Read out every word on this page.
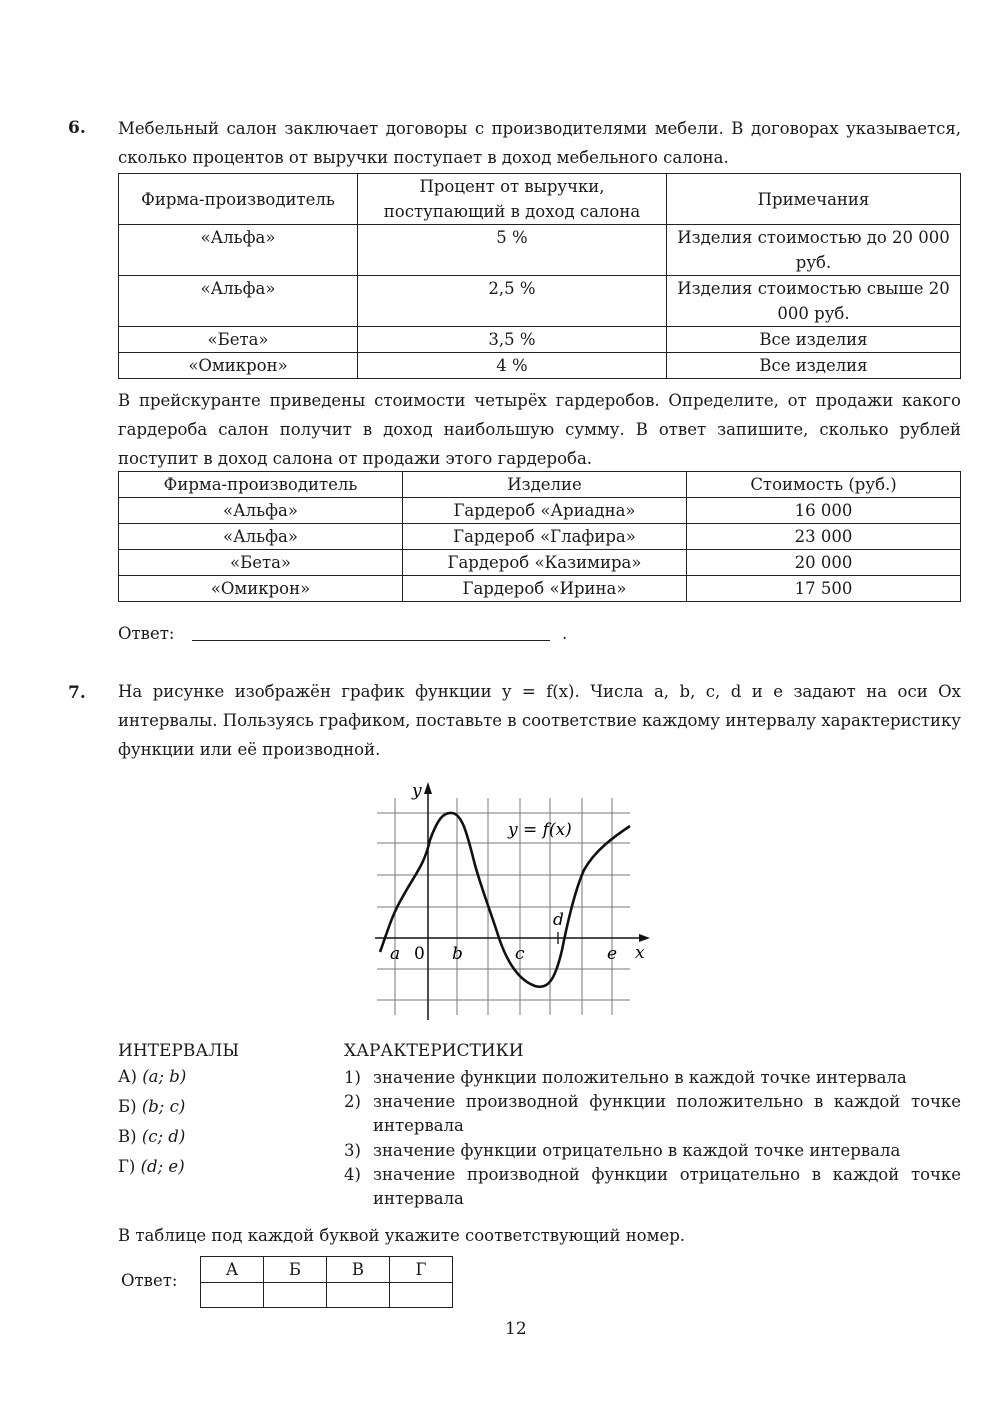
6. Мебельный салон заключает договоры с производителями мебели. В договорах указывается, сколько процентов от выручки поступает в доход мебельного салона.
Фирма-производитель	Процент от выручки, поступающий в доход салона	Примечания
«Альфа»	5 %	Изделия стоимостью до 20 000 руб.
«Альфа»	2,5 %	Изделия стоимостью свыше 20 000 руб.
«Бета»	3,5 %	Все изделия
«Омикрон»	4 %	Все изделия
В прейскуранте приведены стоимости четырёх гардеробов. Определите, от продажи какого гардероба салон получит в доход наибольшую сумму. В ответ запишите, сколько рублей поступит в доход салона от продажи этого гардероба.
Фирма-производитель	Изделие	Стоимость (руб.)
«Альфа»	Гардероб «Ариадна»	16 000
«Альфа»	Гардероб «Глафира»	23 000
«Бета»	Гардероб «Казимира»	20 000
«Омикрон»	Гардероб «Ирина»	17 500
Ответ:	.
7. На рисунке изображён график функции y = f(x). Числа a, b, c, d и e задают на оси Ox интервалы. Пользуясь графиком, поставьте в соответствие каждому интервалу характеристику функции или её производной.
y
x
0
y = f(x)
a	b	c
d
e
ИНТЕРВАЛЫ	ХАРАКТЕРИСТИКИ
А) (a; b)
Б) (b; c)
В) (c; d)
Г) (d; e)
1) значение функции положительно в каждой точке интервала
2) значение производной функции положительно в каждой точке интервала
3) значение функции отрицательно в каждой точке интервала
4) значение производной функции отрицательно в каждой точке интервала
В таблице под каждой буквой укажите соответствующий номер.
Ответ:
А	Б	В	Г

12
